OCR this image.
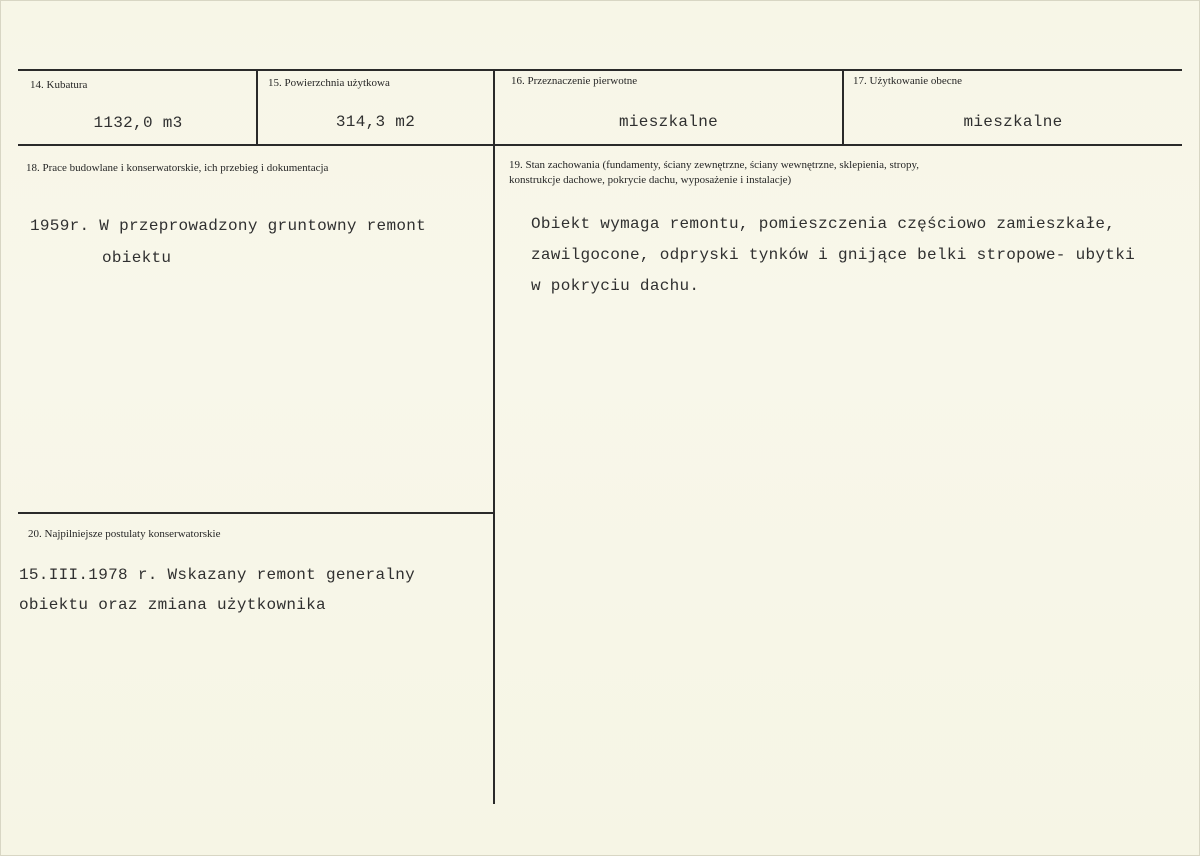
14. Kubatura
1132,0 m3
15. Powierzchnia użytkowa
314,3 m2
16. Przeznaczenie pierwotne
mieszkalne
17. Użytkowanie obecne
mieszkalne
18. Prace budowlane i konserwatorskie, ich przebieg i dokumentacja
1959r. W przeprowadzony gruntowny remont
obiektu
19. Stan zachowania (fundamenty, ściany zewnętrzne, ściany wewnętrzne, sklepienia, stropy,
konstrukcje dachowe, pokrycie dachu, wyposażenie i instalacje)
Obiekt wymaga remontu, pomieszczenia częściowo zamieszkałe,
zawilgocone, odpryski tynków i gnijące belki stropowe- ubytki
w pokryciu dachu.
20. Najpilniejsze postulaty konserwatorskie
15.III.1978 r. Wskazany remont generalny
obiektu oraz zmiana użytkownika
